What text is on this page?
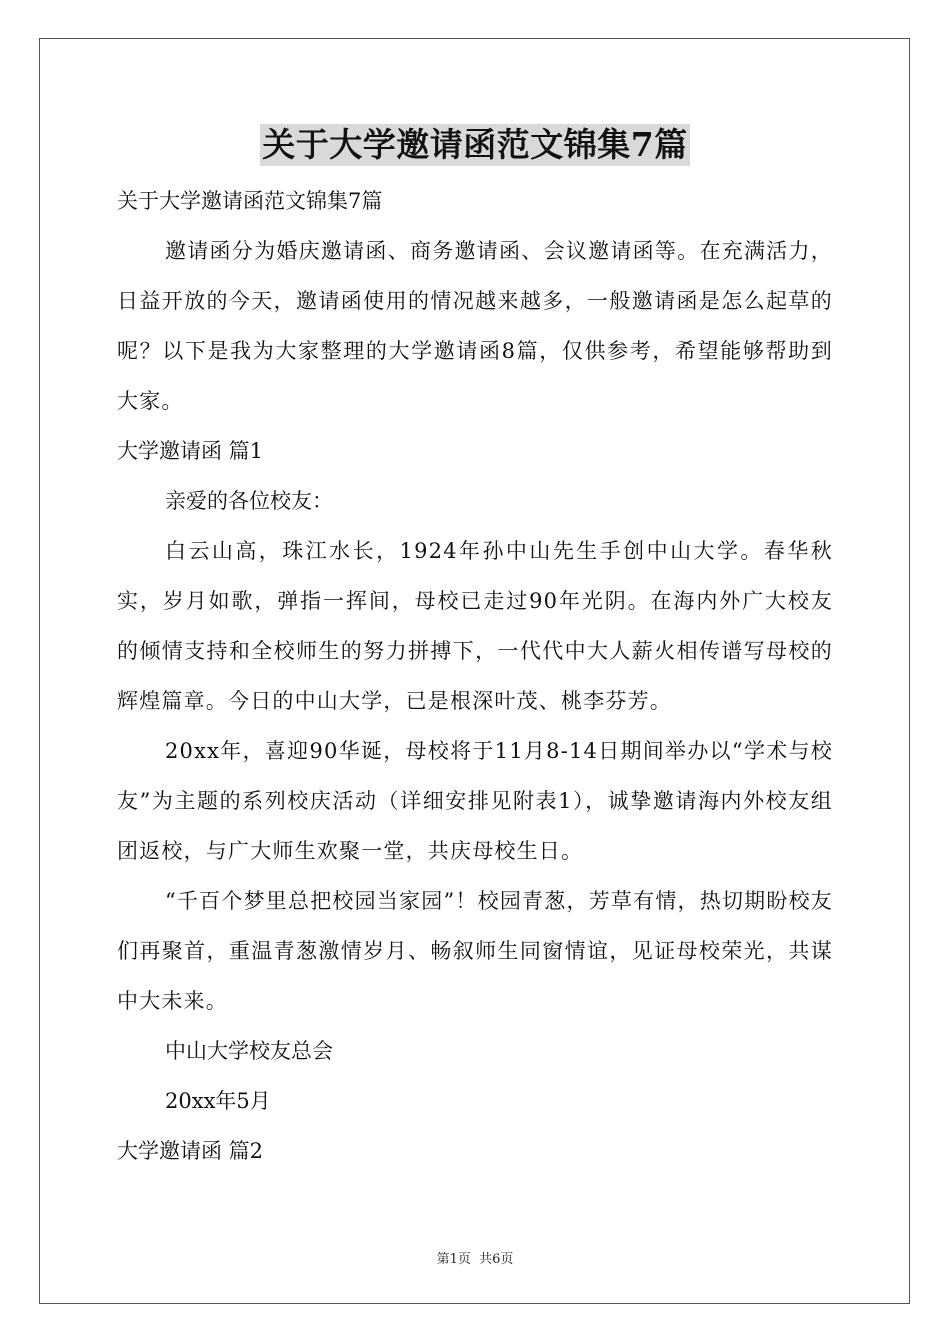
关于大学邀请函范文锦集7篇

关于大学邀请函范文锦集7篇

邀请函分为婚庆邀请函、商务邀请函、会议邀请函等。在充满活力，日益开放的今天，邀请函使用的情况越来越多，一般邀请函是怎么起草的呢？以下是我为大家整理的大学邀请函8篇，仅供参考，希望能够帮助到大家。

大学邀请函 篇1

亲爱的各位校友：

白云山高，珠江水长，1924年孙中山先生手创中山大学。春华秋实，岁月如歌，弹指一挥间，母校已走过90年光阴。在海内外广大校友的倾情支持和全校师生的努力拼搏下，一代代中大人薪火相传谱写母校的辉煌篇章。今日的中山大学，已是根深叶茂、桃李芬芳。

20xx年，喜迎90华诞，母校将于11月8-14日期间举办以“学术与校友”为主题的系列校庆活动（详细安排见附表1），诚挚邀请海内外校友组团返校，与广大师生欢聚一堂，共庆母校生日。

“千百个梦里总把校园当家园”！校园青葱，芳草有情，热切期盼校友们再聚首，重温青葱激情岁月、畅叙师生同窗情谊，见证母校荣光，共谋中大未来。

中山大学校友总会

20xx年5月

大学邀请函 篇2

第1页  共6页
